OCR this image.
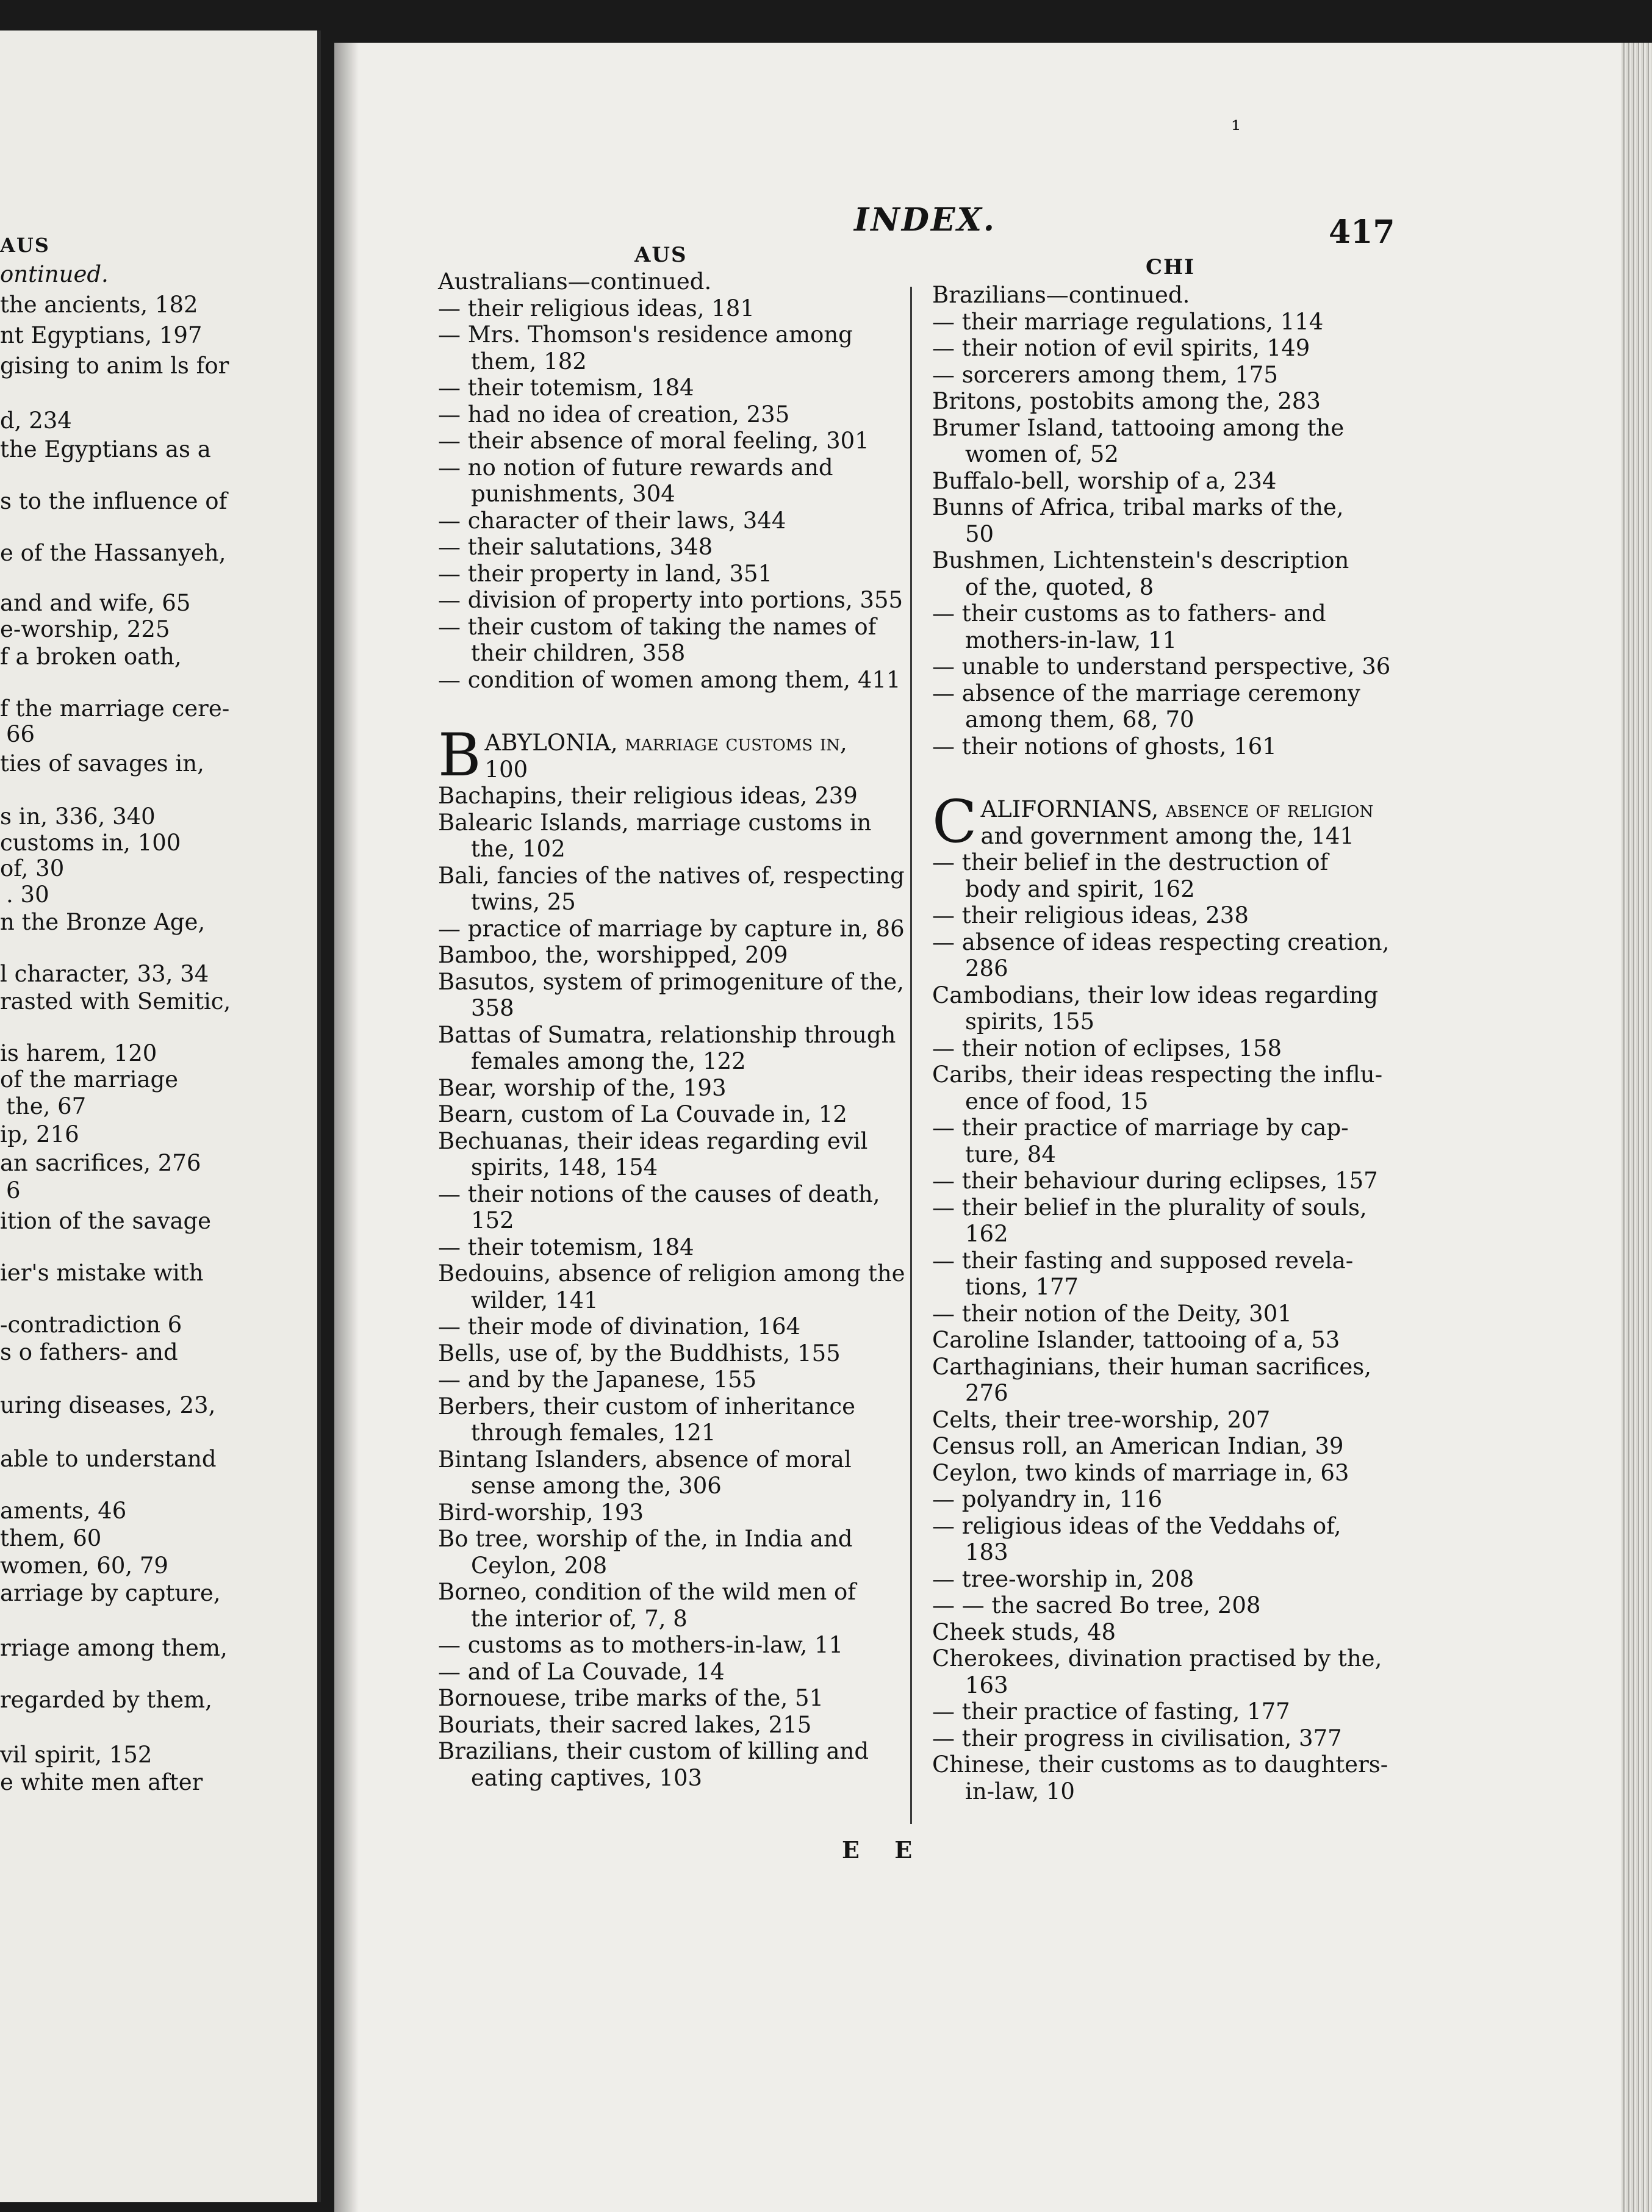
AUS
ontinued.
the ancients, 182
nt Egyptians, 197
gising to anim ls for
d, 234
the Egyptians as a
s to the influence of
e of the Hassanyeh,
and and wife, 65
e-worship, 225
f a broken oath,
f the marriage cere-
66
ties of savages in,
s in, 336, 340
customs in, 100
of, 30
. 30
n the Bronze Age,
l character, 33, 34
rasted with Semitic,
is harem, 120
of the marriage
the, 67
ip, 216
an sacrifices, 276
6
ition of the savage
ier's mistake with
-contradiction 6
s o fathers- and
uring diseases, 23,
able to understand
aments, 46
them, 60
women, 60, 79
arriage by capture,
rriage among them,
regarded by them,
vil spirit, 152
e white men after
¹
INDEX.	417
AUS	CHI
Australians—continued.
— their religious ideas, 181
— Mrs. Thomson's residence among
them, 182
— their totemism, 184
— had no idea of creation, 235
— their absence of moral feeling, 301
— no notion of future rewards and
punishments, 304
— character of their laws, 344
— their salutations, 348
— their property in land, 351
— division of property into portions, 355
— their custom of taking the names of
their children, 358
— condition of women among them, 411
B ABYLONIA, marriage customs in,
100
Bachapins, their religious ideas, 239
Balearic Islands, marriage customs in
the, 102
Bali, fancies of the natives of, respecting
twins, 25
— practice of marriage by capture in, 86
Bamboo, the, worshipped, 209
Basutos, system of primogeniture of the,
358
Battas of Sumatra, relationship through
females among the, 122
Bear, worship of the, 193
Bearn, custom of La Couvade in, 12
Bechuanas, their ideas regarding evil
spirits, 148, 154
— their notions of the causes of death,
152
— their totemism, 184
Bedouins, absence of religion among the
wilder, 141
— their mode of divination, 164
Bells, use of, by the Buddhists, 155
— and by the Japanese, 155
Berbers, their custom of inheritance
through females, 121
Bintang Islanders, absence of moral
sense among the, 306
Bird-worship, 193
Bo tree, worship of the, in India and
Ceylon, 208
Borneo, condition of the wild men of
the interior of, 7, 8
— customs as to mothers-in-law, 11
— and of La Couvade, 14
Bornouese, tribe marks of the, 51
Bouriats, their sacred lakes, 215
Brazilians, their custom of killing and
eating captives, 103
Brazilians—continued.
— their marriage regulations, 114
— their notion of evil spirits, 149
— sorcerers among them, 175
Britons, postobits among the, 283
Brumer Island, tattooing among the
women of, 52
Buffalo-bell, worship of a, 234
Bunns of Africa, tribal marks of the,
50
Bushmen, Lichtenstein's description
of the, quoted, 8
— their customs as to fathers- and
mothers-in-law, 11
— unable to understand perspective, 36
— absence of the marriage ceremony
among them, 68, 70
— their notions of ghosts, 161
C ALIFORNIANS, absence of religion
and government among the, 141
— their belief in the destruction of
body and spirit, 162
— their religious ideas, 238
— absence of ideas respecting creation,
286
Cambodians, their low ideas regarding
spirits, 155
— their notion of eclipses, 158
Caribs, their ideas respecting the influ-
ence of food, 15
— their practice of marriage by cap-
ture, 84
— their behaviour during eclipses, 157
— their belief in the plurality of souls,
162
— their fasting and supposed revela-
tions, 177
— their notion of the Deity, 301
Caroline Islander, tattooing of a, 53
Carthaginians, their human sacrifices,
276
Celts, their tree-worship, 207
Census roll, an American Indian, 39
Ceylon, two kinds of marriage in, 63
— polyandry in, 116
— religious ideas of the Veddahs of,
183
— tree-worship in, 208
— — the sacred Bo tree, 208
Cheek studs, 48
Cherokees, divination practised by the,
163
— their practice of fasting, 177
— their progress in civilisation, 377
Chinese, their customs as to daughters-
in-law, 10
E E
